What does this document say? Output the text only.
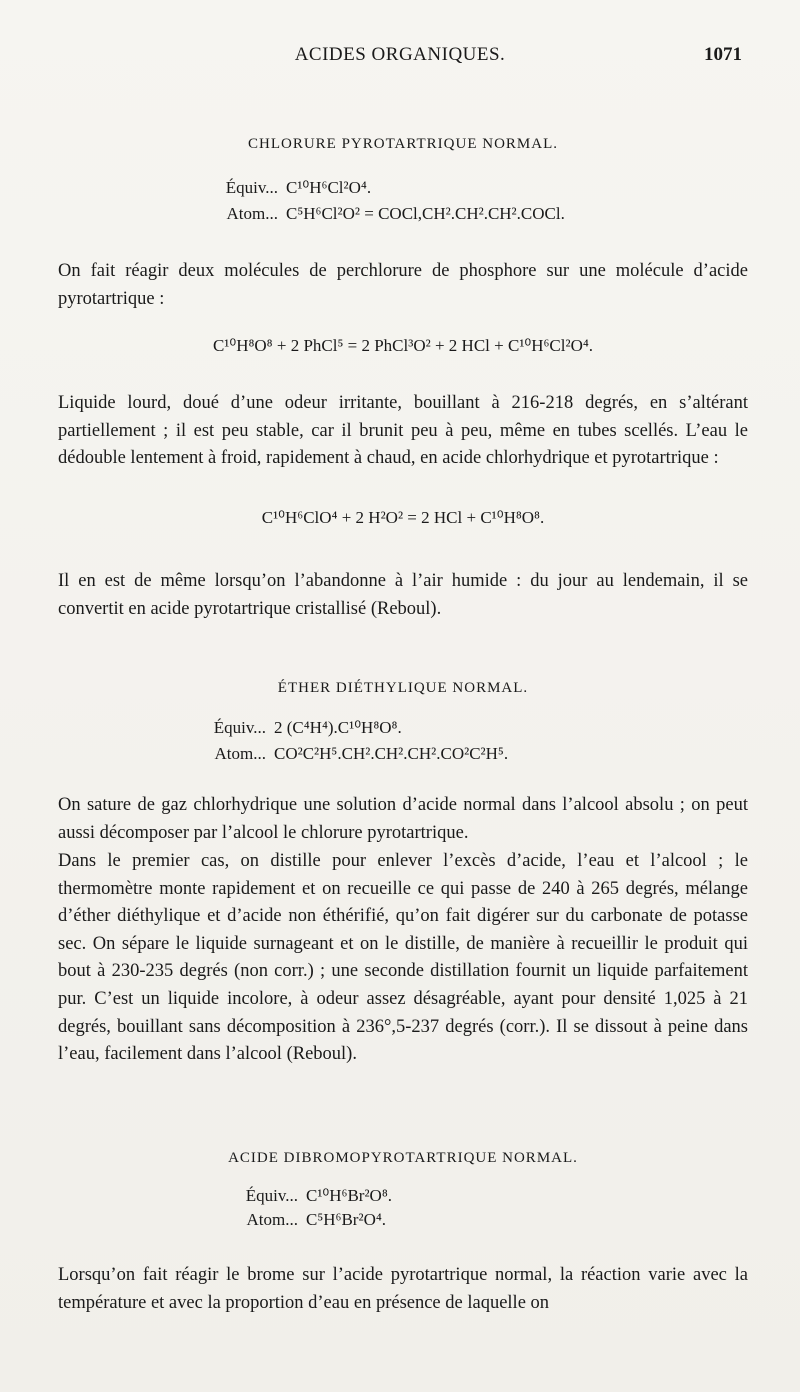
ACIDES ORGANIQUES.	1071
CHLORURE PYROTARTRIQUE NORMAL.
Équiv... C¹⁰H⁶Cl²O⁴.
Atom... C⁵H⁶Cl²O² = COCl,CH².CH².CH².COCl.

On fait réagir deux molécules de perchlorure de phosphore sur une molécule d’acide pyrotartrique :

C¹⁰H⁸O⁸ + 2 PhCl⁵ = 2 PhCl³O² + 2 HCl + C¹⁰H⁶Cl²O⁴.

Liquide lourd, doué d’une odeur irritante, bouillant à 216-218 degrés, en s’altérant partiellement ; il est peu stable, car il brunit peu à peu, même en tubes scellés. L’eau le dédouble lentement à froid, rapidement à chaud, en acide chlorhydrique et pyrotartrique :

C¹⁰H⁶ClO⁴ + 2 H²O² = 2 HCl + C¹⁰H⁸O⁸.

Il en est de même lorsqu’on l’abandonne à l’air humide : du jour au lendemain, il se convertit en acide pyrotartrique cristallisé (Reboul).

ÉTHER DIÉTHYLIQUE NORMAL.
Équiv... 2 (C⁴H⁴).C¹⁰H⁸O⁸.
Atom... CO²C²H⁵.CH².CH².CH².CO²C²H⁵.

On sature de gaz chlorhydrique une solution d’acide normal dans l’alcool absolu ; on peut aussi décomposer par l’alcool le chlorure pyrotartrique.

Dans le premier cas, on distille pour enlever l’excès d’acide, l’eau et l’alcool ; le thermomètre monte rapidement et on recueille ce qui passe de 240 à 265 degrés, mélange d’éther diéthylique et d’acide non éthérifié, qu’on fait digérer sur du carbonate de potasse sec. On sépare le liquide surnageant et on le distille, de manière à recueillir le produit qui bout à 230-235 degrés (non corr.) ; une seconde distillation fournit un liquide parfaitement pur. C’est un liquide incolore, à odeur assez désagréable, ayant pour densité 1,025 à 21 degrés, bouillant sans décomposition à 236°,5-237 degrés (corr.). Il se dissout à peine dans l’eau, facilement dans l’alcool (Reboul).

ACIDE DIBROMOPYROTARTRIQUE NORMAL.
Équiv... C¹⁰H⁶Br²O⁸.
Atom... C⁵H⁶Br²O⁴.

Lorsqu’on fait réagir le brome sur l’acide pyrotartrique normal, la réaction varie avec la température et avec la proportion d’eau en présence de laquelle on
